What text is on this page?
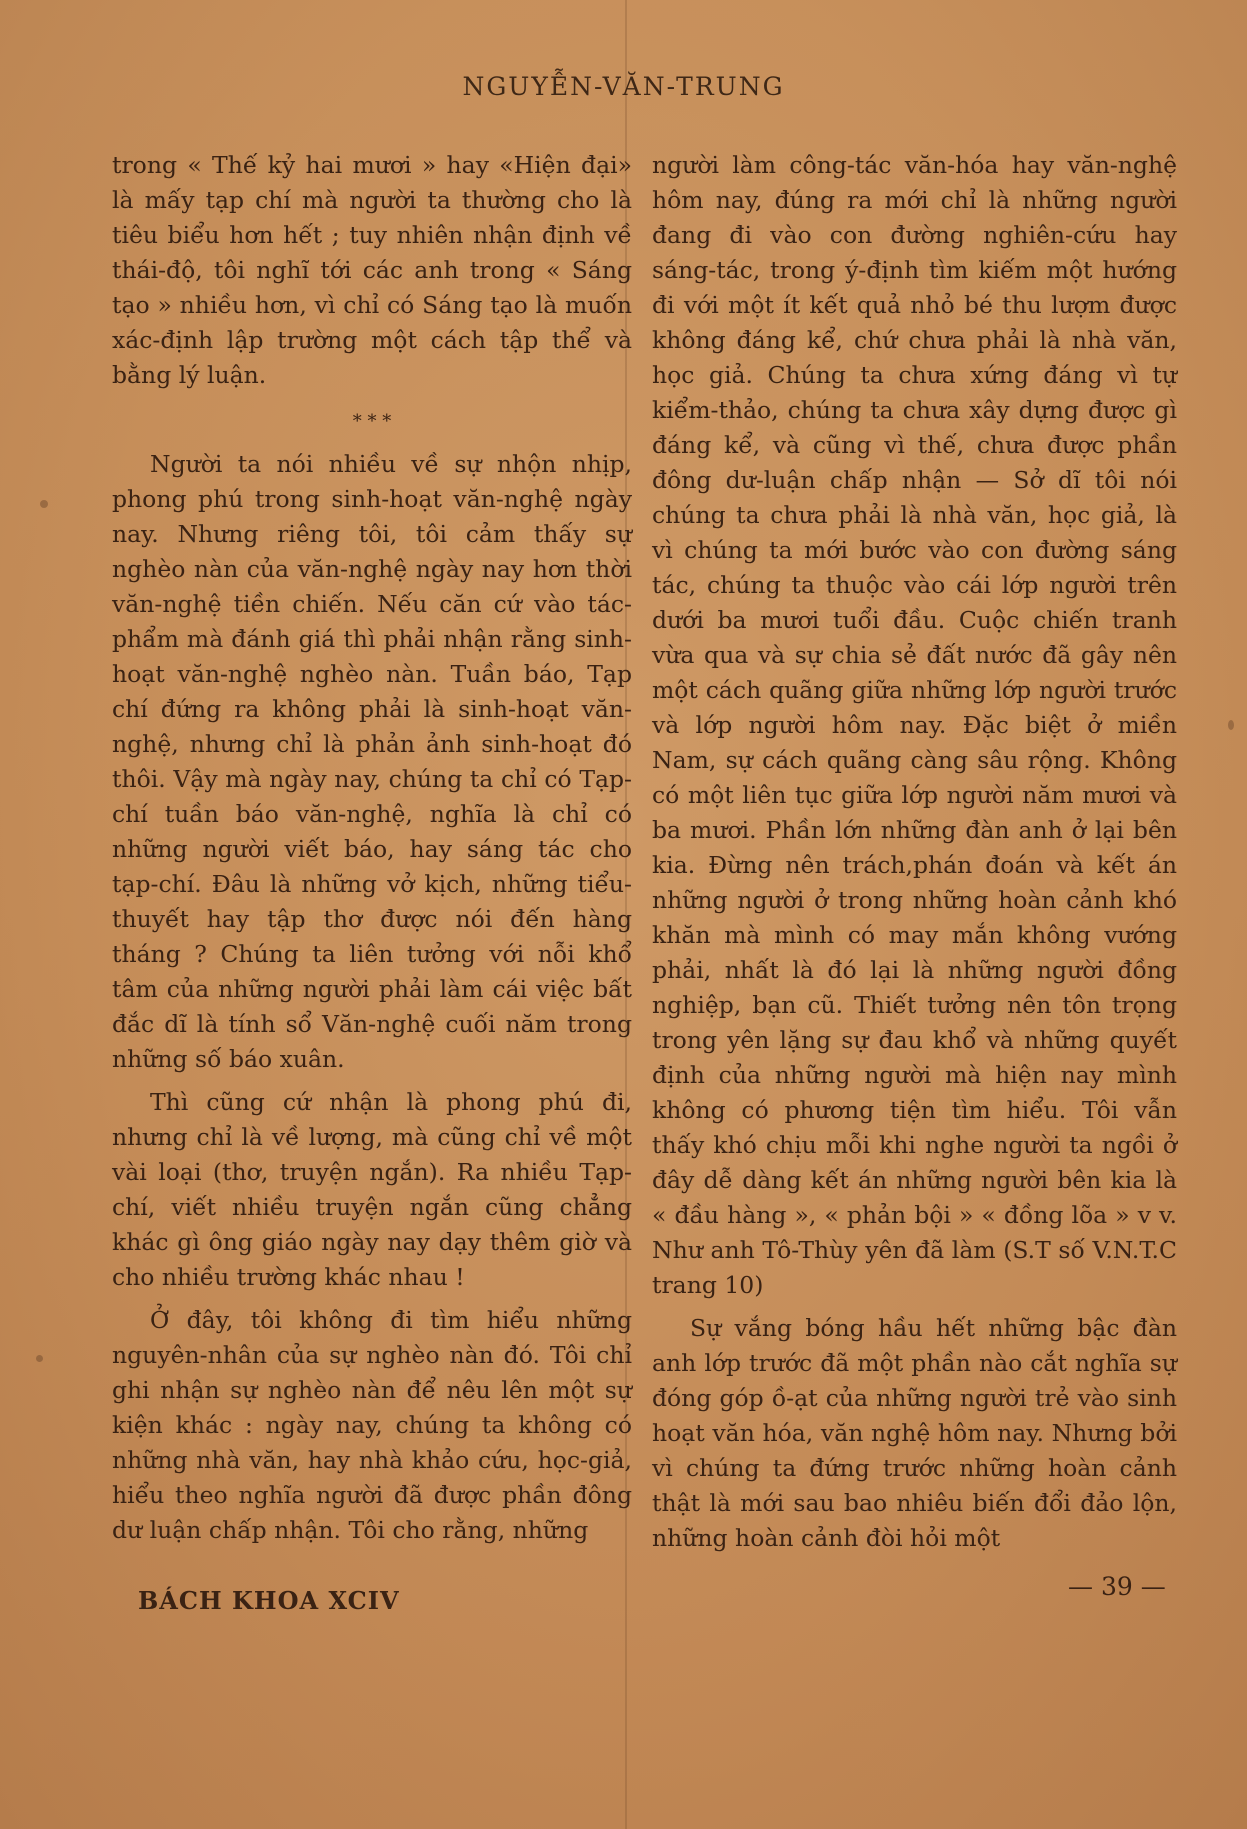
NGUYỄN-VĂN-TRUNG

trong « Thế kỷ hai mươi » hay «Hiện đại» là mấy tạp chí mà người ta thường cho là tiêu biểu hơn hết ; tuy nhiên nhận định về thái-độ, tôi nghĩ tới các anh trong « Sáng tạo » nhiều hơn, vì chỉ có Sáng tạo là muốn xác-định lập trường một cách tập thể và bằng lý luận.

* * *

Người ta nói nhiều về sự nhộn nhịp, phong phú trong sinh-hoạt văn-nghệ ngày nay. Nhưng riêng tôi, tôi cảm thấy sự nghèo nàn của văn-nghệ ngày nay hơn thời văn-nghệ tiền chiến. Nếu căn cứ vào tác-phẩm mà đánh giá thì phải nhận rằng sinh-hoạt văn-nghệ nghèo nàn. Tuần báo, Tạp chí đứng ra không phải là sinh-hoạt văn-nghệ, nhưng chỉ là phản ảnh sinh-hoạt đó thôi. Vậy mà ngày nay, chúng ta chỉ có Tạp-chí tuần báo văn-nghệ, nghĩa là chỉ có những người viết báo, hay sáng tác cho tạp-chí. Đâu là những vở kịch, những tiểu-thuyết hay tập thơ được nói đến hàng tháng ? Chúng ta liên tưởng với nỗi khổ tâm của những người phải làm cái việc bất đắc dĩ là tính sổ Văn-nghệ cuối năm trong những số báo xuân.

Thì cũng cứ nhận là phong phú đi, nhưng chỉ là về lượng, mà cũng chỉ về một vài loại (thơ, truyện ngắn). Ra nhiều Tạp-chí, viết nhiều truyện ngắn cũng chẳng khác gì ông giáo ngày nay dạy thêm giờ và cho nhiều trường khác nhau !

Ở đây, tôi không đi tìm hiểu những nguyên-nhân của sự nghèo nàn đó. Tôi chỉ ghi nhận sự nghèo nàn để nêu lên một sự kiện khác : ngày nay, chúng ta không có những nhà văn, hay nhà khảo cứu, học-giả, hiểu theo nghĩa người đã được phần đông dư luận chấp nhận. Tôi cho rằng, những

người làm công-tác văn-hóa hay văn-nghệ hôm nay, đúng ra mới chỉ là những người đang đi vào con đường nghiên-cứu hay sáng-tác, trong ý-định tìm kiếm một hướng đi với một ít kết quả nhỏ bé thu lượm được không đáng kể, chứ chưa phải là nhà văn, học giả. Chúng ta chưa xứng đáng vì tự kiểm-thảo, chúng ta chưa xây dựng được gì đáng kể, và cũng vì thế, chưa được phần đông dư-luận chấp nhận — Sở dĩ tôi nói chúng ta chưa phải là nhà văn, học giả, là vì chúng ta mới bước vào con đường sáng tác, chúng ta thuộc vào cái lớp người trên dưới ba mươi tuổi đầu. Cuộc chiến tranh vừa qua và sự chia sẻ đất nước đã gây nên một cách quãng giữa những lớp người trước và lớp người hôm nay. Đặc biệt ở miền Nam, sự cách quãng càng sâu rộng. Không có một liên tục giữa lớp người năm mươi và ba mươi. Phần lớn những đàn anh ở lại bên kia. Đừng nên trách,phán đoán và kết án những người ở trong những hoàn cảnh khó khăn mà mình có may mắn không vướng phải, nhất là đó lại là những người đồng nghiệp, bạn cũ. Thiết tưởng nên tôn trọng trong yên lặng sự đau khổ và những quyết định của những người mà hiện nay mình không có phương tiện tìm hiểu. Tôi vẫn thấy khó chịu mỗi khi nghe người ta ngồi ở đây dễ dàng kết án những người bên kia là « đầu hàng », « phản bội » « đồng lõa » v v. Như anh Tô-Thùy yên đã làm (S.T số V.N.T.C trang 10)

Sự vắng bóng hầu hết những bậc đàn anh lớp trước đã một phần nào cắt nghĩa sự đóng góp ồ-ạt của những người trẻ vào sinh hoạt văn hóa, văn nghệ hôm nay. Nhưng bởi vì chúng ta đứng trước những hoàn cảnh thật là mới sau bao nhiêu biến đổi đảo lộn, những hoàn cảnh đòi hỏi một

BÁCH KHOA XCIV	— 39 —
